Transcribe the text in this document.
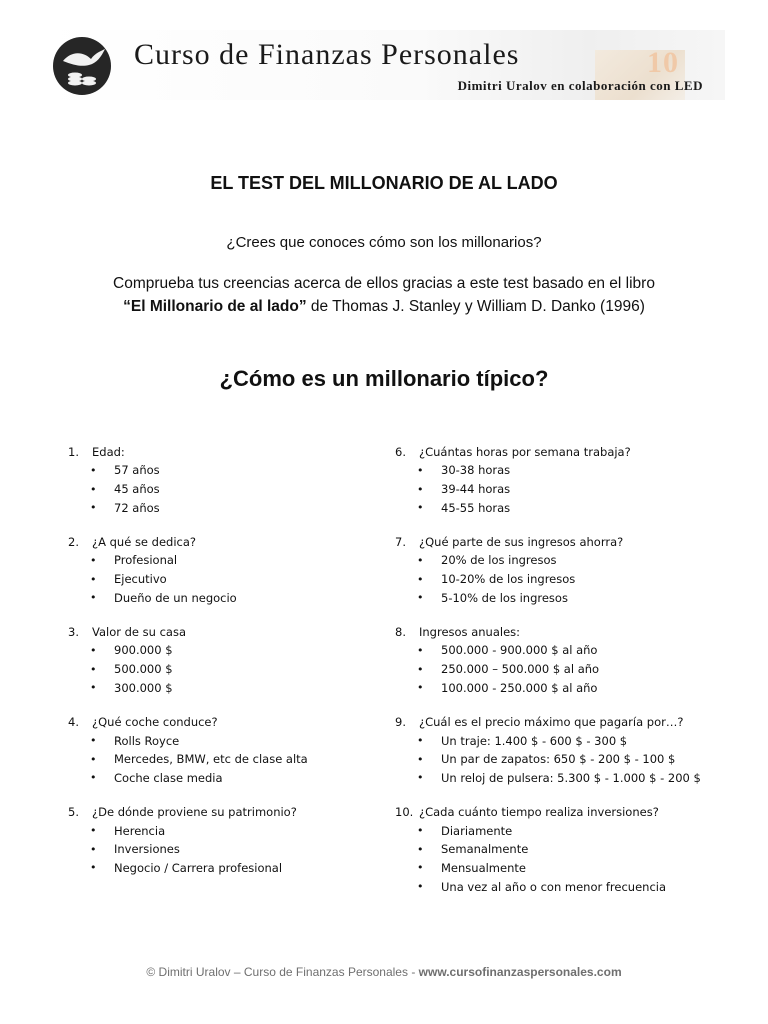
10
Curso de Finanzas Personales
Dimitri Uralov en colaboración con LED
EL TEST DEL MILLONARIO DE AL LADO

¿Crees que conoces cómo son los millonarios?

Comprueba tus creencias acerca de ellos gracias a este test basado en el libro
“El Millonario de al lado” de Thomas J. Stanley y William D. Danko (1996)

¿Cómo es un millonario típico?
1.	Edad:
•	57 años
•	45 años
•	72 años
2.	¿A qué se dedica?
•	Profesional
•	Ejecutivo
•	Dueño de un negocio
3.	Valor de su casa
•	900.000 $
•	500.000 $
•	300.000 $
4.	¿Qué coche conduce?
•	Rolls Royce
•	Mercedes, BMW, etc de clase alta
•	Coche clase media
5.	¿De dónde proviene su patrimonio?
•	Herencia
•	Inversiones
•	Negocio / Carrera profesional
6.	¿Cuántas horas por semana trabaja?
•	30-38 horas
•	39-44 horas
•	45-55 horas
7.	¿Qué parte de sus ingresos ahorra?
•	20% de los ingresos
•	10-20% de los ingresos
•	5-10% de los ingresos
8.	Ingresos anuales:
•	500.000 - 900.000 $ al año
•	250.000 – 500.000 $ al año
•	100.000 - 250.000 $ al año
9.	¿Cuál es el precio máximo que pagaría por…?
•	Un traje: 1.400 $ - 600 $ - 300 $
•	Un par de zapatos: 650 $ - 200 $ - 100 $
•	Un reloj de pulsera: 5.300 $ - 1.000 $ - 200 $
10. ¿Cada cuánto tiempo realiza inversiones?
•	Diariamente
•	Semanalmente
•	Mensualmente
•	Una vez al año o con menor frecuencia
© Dimitri Uralov – Curso de Finanzas Personales - www.cursofinanzaspersonales.com
